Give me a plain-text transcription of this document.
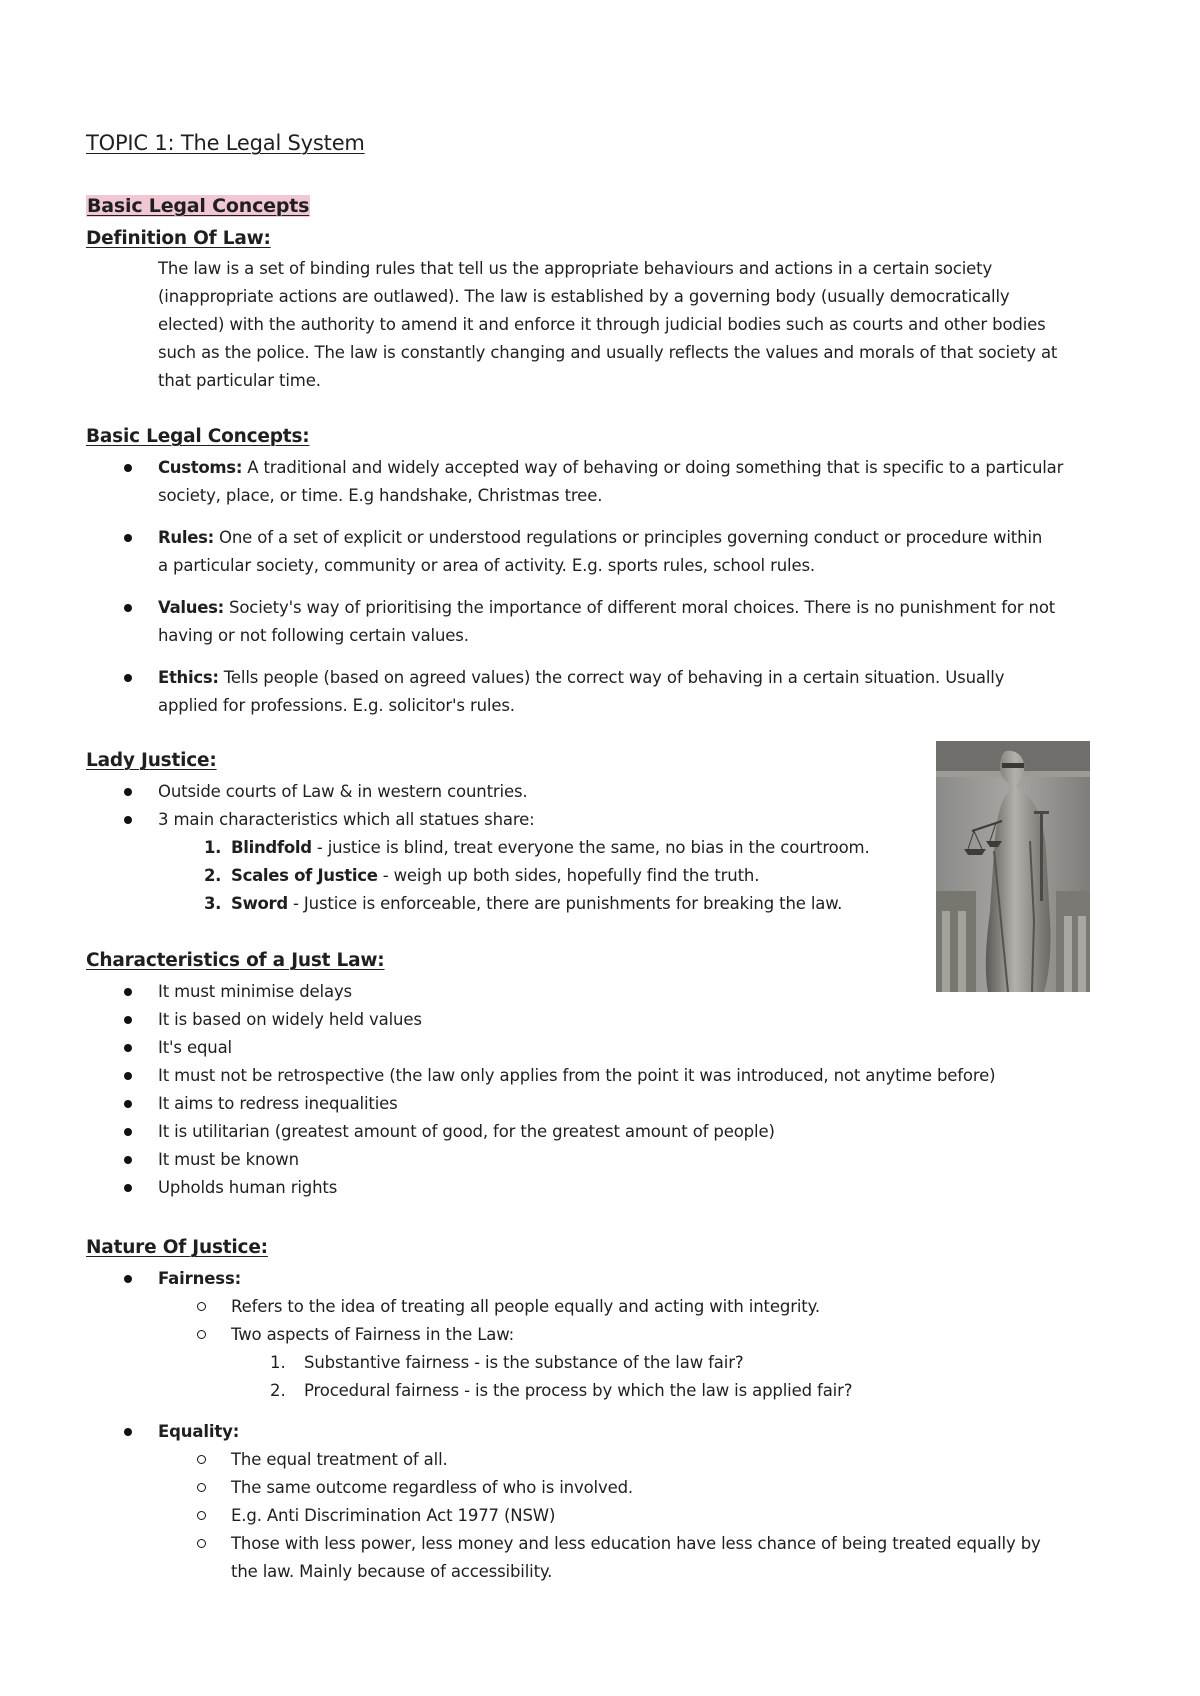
TOPIC 1: The Legal System
Basic Legal Concepts
Definition Of Law:
The law is a set of binding rules that tell us the appropriate behaviours and actions in a certain society
(inappropriate actions are outlawed). The law is established by a governing body (usually democratically
elected) with the authority to amend it and enforce it through judicial bodies such as courts and other bodies
such as the police. The law is constantly changing and usually reflects the values and morals of that society at
that particular time.
Basic Legal Concepts:
Customs: A traditional and widely accepted way of behaving or doing something that is specific to a particular
society, place, or time. E.g handshake, Christmas tree.
Rules: One of a set of explicit or understood regulations or principles governing conduct or procedure within
a particular society, community or area of activity. E.g. sports rules, school rules.
Values: Society's way of prioritising the importance of different moral choices. There is no punishment for not
having or not following certain values.
Ethics: Tells people (based on agreed values) the correct way of behaving in a certain situation. Usually
applied for professions. E.g. solicitor's rules.
Lady Justice:
Outside courts of Law & in western countries.
3 main characteristics which all statues share:
1. Blindfold - justice is blind, treat everyone the same, no bias in the courtroom.
2. Scales of Justice - weigh up both sides, hopefully find the truth.
3. Sword - Justice is enforceable, there are punishments for breaking the law.
Characteristics of a Just Law:
It must minimise delays
It is based on widely held values
It's equal
It must not be retrospective (the law only applies from the point it was introduced, not anytime before)
It aims to redress inequalities
It is utilitarian (greatest amount of good, for the greatest amount of people)
It must be known
Upholds human rights
Nature Of Justice:
Fairness:
Refers to the idea of treating all people equally and acting with integrity.
Two aspects of Fairness in the Law:
1. Substantive fairness - is the substance of the law fair?
2. Procedural fairness - is the process by which the law is applied fair?
Equality:
The equal treatment of all.
The same outcome regardless of who is involved.
E.g. Anti Discrimination Act 1977 (NSW)
Those with less power, less money and less education have less chance of being treated equally by
the law. Mainly because of accessibility.
